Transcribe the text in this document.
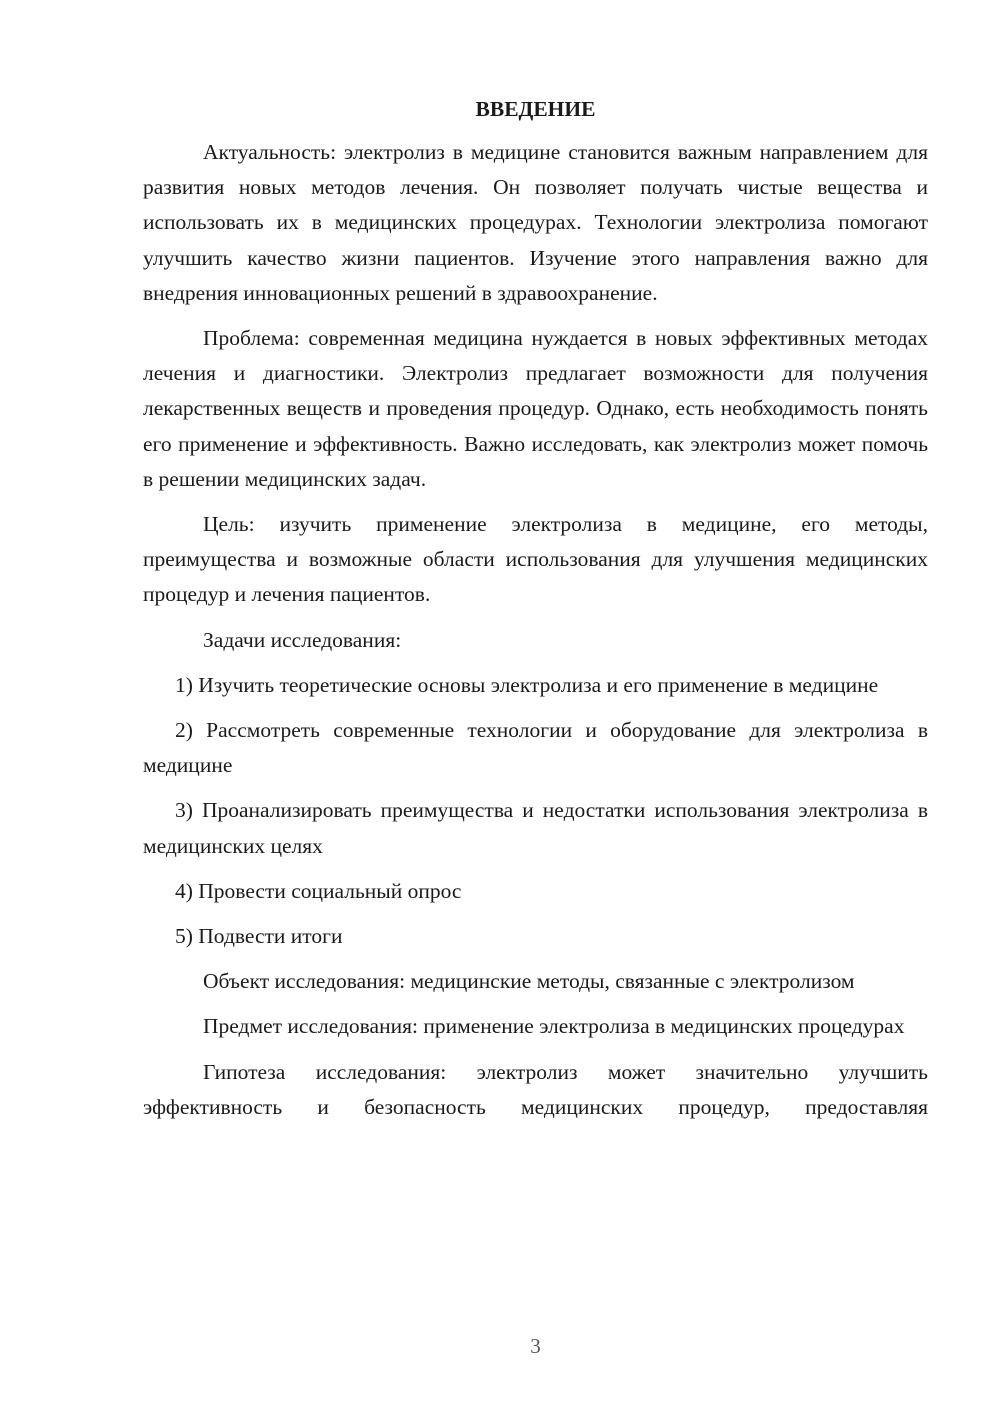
ВВЕДЕНИЕ

Актуальность: электролиз в медицине становится важным направлением для развития новых методов лечения. Он позволяет получать чистые вещества и использовать их в медицинских процедурах. Технологии электролиза помогают улучшить качество жизни пациентов. Изучение этого направления важно для внедрения инновационных решений в здравоохранение.

Проблема: современная медицина нуждается в новых эффективных методах лечения и диагностики. Электролиз предлагает возможности для получения лекарственных веществ и проведения процедур. Однако, есть необходимость понять его применение и эффективность. Важно исследовать, как электролиз может помочь в решении медицинских задач.

Цель: изучить применение электролиза в медицине, его методы, преимущества и возможные области использования для улучшения медицинских процедур и лечения пациентов.

Задачи исследования:

1) Изучить теоретические основы электролиза и его применение в медицине

2) Рассмотреть современные технологии и оборудование для электролиза в медицине

3) Проанализировать преимущества и недостатки использования электролиза в медицинских целях

4) Провести социальный опрос

5) Подвести итоги

Объект исследования: медицинские методы, связанные с электролизом

Предмет исследования: применение электролиза в медицинских процедурах

Гипотеза исследования: электролиз может значительно улучшить эффективность и безопасность медицинских процедур, предоставляя

3
